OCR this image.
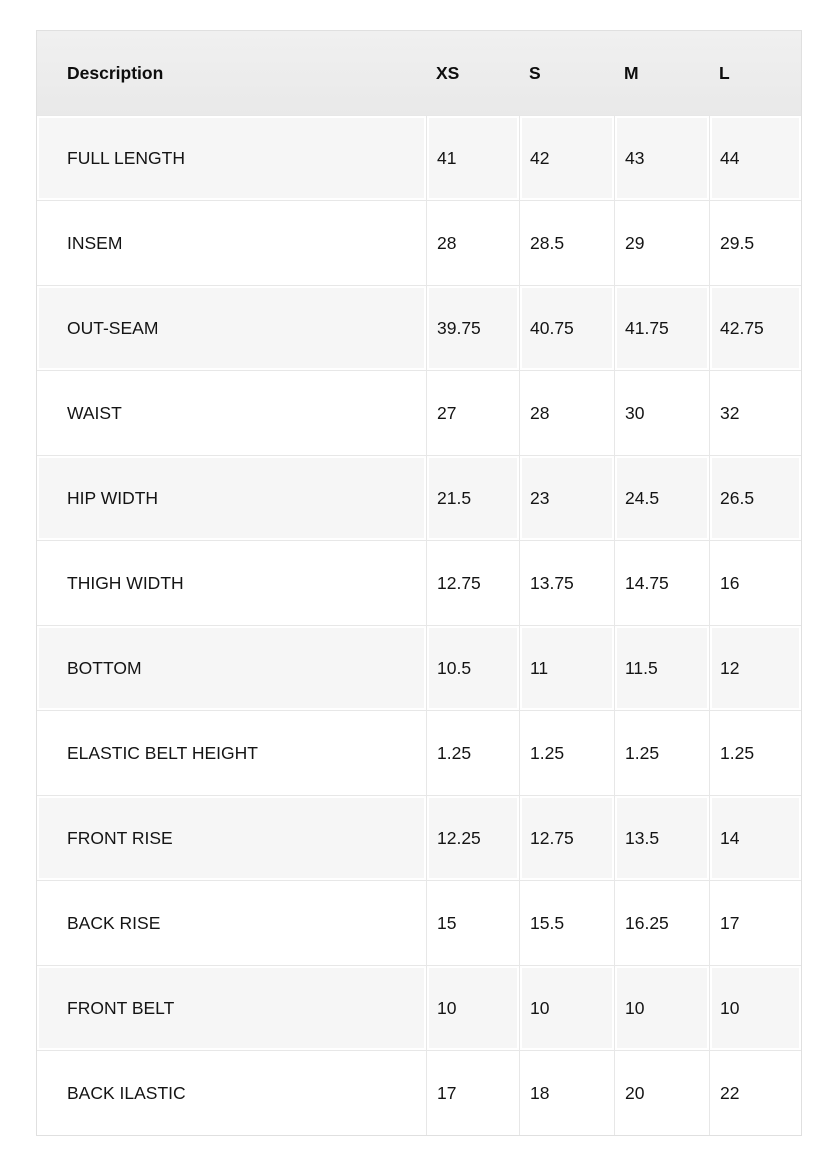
Description	XS	S	M	L
FULL LENGTH	41	42	43	44
INSEM	28	28.5	29	29.5
OUT-SEAM	39.75	40.75	41.75	42.75
WAIST	27	28	30	32
HIP WIDTH	21.5	23	24.5	26.5
THIGH WIDTH	12.75	13.75	14.75	16
BOTTOM	10.5	11	11.5	12
ELASTIC BELT HEIGHT	1.25	1.25	1.25	1.25
FRONT RISE	12.25	12.75	13.5	14
BACK RISE	15	15.5	16.25	17
FRONT BELT	10	10	10	10
BACK ILASTIC	17	18	20	22
